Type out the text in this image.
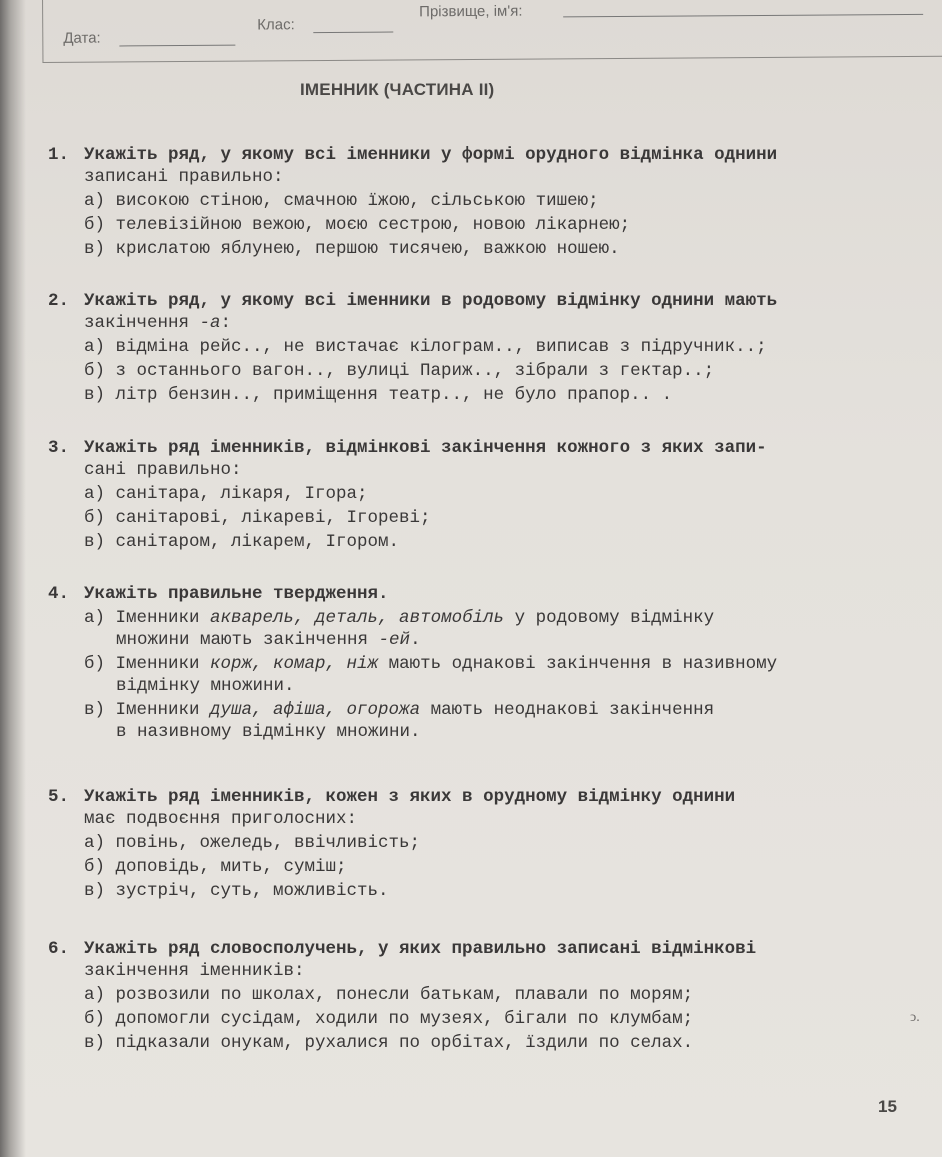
Дата:
Клас:
Прізвище, ім'я:
ІМЕННИК (ЧАСТИНА ІІ)
1. Укажіть ряд, у якому всі іменники у формі орудного відмінка однини
записані правильно:
а) високою стіною, смачною їжою, сільською тишею;
б) телевізійною вежою, моєю сестрою, новою лікарнею;
в) крислатою яблунею, першою тисячею, важкою ношею.
2. Укажіть ряд, у якому всі іменники в родовому відмінку однини мають
закінчення -а:
а) відміна рейс.., не вистачає кілограм.., виписав з підручник..;
б) з останнього вагон.., вулиці Париж.., зібрали з гектар..;
в) літр бензин.., приміщення театр.., не було прапор.. .
3. Укажіть ряд іменників, відмінкові закінчення кожного з яких запи-
сані правильно:
а) санітара, лікаря, Ігора;
б) санітарові, лікареві, Ігореві;
в) санітаром, лікарем, Ігором.
4. Укажіть правильне твердження.
а) Іменники акварель, деталь, автомобіль у родовому відмінку
множини мають закінчення -ей.
б) Іменники корж, комар, ніж мають однакові закінчення в називному
відмінку множини.
в) Іменники душа, афіша, огорожа мають неоднакові закінчення
в називному відмінку множини.
5. Укажіть ряд іменників, кожен з яких в орудному відмінку однини
має подвоєння приголосних:
а) повінь, ожеледь, ввічливість;
б) доповідь, мить, суміш;
в) зустріч, суть, можливість.
6. Укажіть ряд словосполучень, у яких правильно записані відмінкові
закінчення іменників:
а) розвозили по школах, понесли батькам, плавали по морям;
б) допомогли сусідам, ходили по музеях, бігали по клумбам;
в) підказали онукам, рухалися по орбітах, їздили по селах.
ↄ.
15
